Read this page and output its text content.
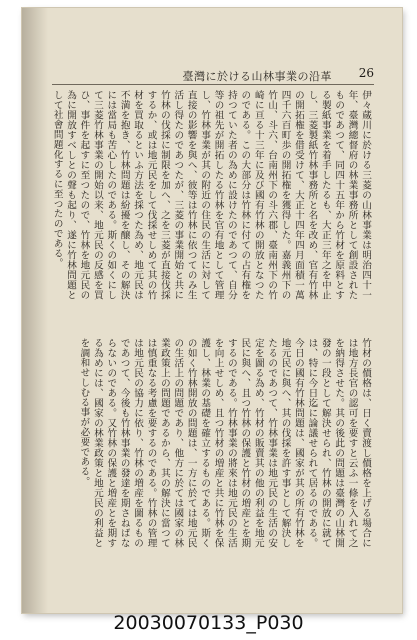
臺灣に於ける山林事業の沿革 26
伊々蔵川に於ける三菱の山林事業は明治四十一年、臺灣總督府の林業事務所として創設されたものであつて、同四十五年から竹材を原料とする製紙事業を着手したるも、大正三年之を中止し、三菱製紙竹林事務所と名を改め、官有竹林の開拓権を借受けて、大正十四年四月面積一萬四千六百町歩の開拓権を獲得した。嘉義州下の竹山、斗六、台南州下の斗六郡、臺南州下の竹崎に亘る十三年に及び國有竹林の開放となつたのである。この大部分は竹林に付ての占有権を持つていた者の為めに設けたのであつて、自分等の祖先が開拓したる竹林を官有地として管理し、竹林事業が其の附近の住民の生活に対して直接の影響を與へ、彼等は竹林に依つてのみ生活し得たのであつたが、三菱の事業開始と共に竹林の伐採に制限を加へ、之を三菱が直接伐採するか、或は地元民をして伐採せしめて其の竹材を買取るといふ方法を採つた為め、地元民は不満を抱き、竹林問題は紛擾を醸し、その解決には當局も苦心したのである。斯くの如くにして三菱竹林事業の開始以来、地元民の反感を買ひ、事件を起すに至つたので、竹林を地元民の為に開放すべしとの聲も起り、遂に竹林問題として社會問題化するに至つたのである。
竹材の價格は、日く賣渡し價格を上げる場合には地方長官の認可を要すと云ふ一條を入れて之を納得させた。其の後此の問題は臺灣の山林開發の一段として解決せられ、竹林の開放に就ては、特に今日迄に論議せられて居るのである。今日の國有竹林問題は、國家が其の所有竹林を地元民に與へ、其の伐採を許す事として解決したるのであつて、竹林事業は地元民の生活の安定を圖る為め、竹材の販賣其の他の利益を地元民に與へ、且つ竹林の保護と竹材の増産とを期するのである。竹林事業の將來は地元民の生活を向上せしめ、且つ竹材の増産と共に竹林を保護し、林業の基礎を確立するものである。斯くの如く竹林開放の問題は、一方に於ては地元民の生活上の問題であり、他方に於ては國家の林業政策上の問題であるから、其の解決に當つては慎重なる考慮を要するのである。竹林の管理は地元民の協力に依り、竹林の増産を圖るものであつて、今後も竹林事業の發達を期さねばならないのである。又竹林の保護と増産とを期する為めには、國家の林業政策と地元民の利益とを調和せしむる事が必要である。
20030070133_P030
